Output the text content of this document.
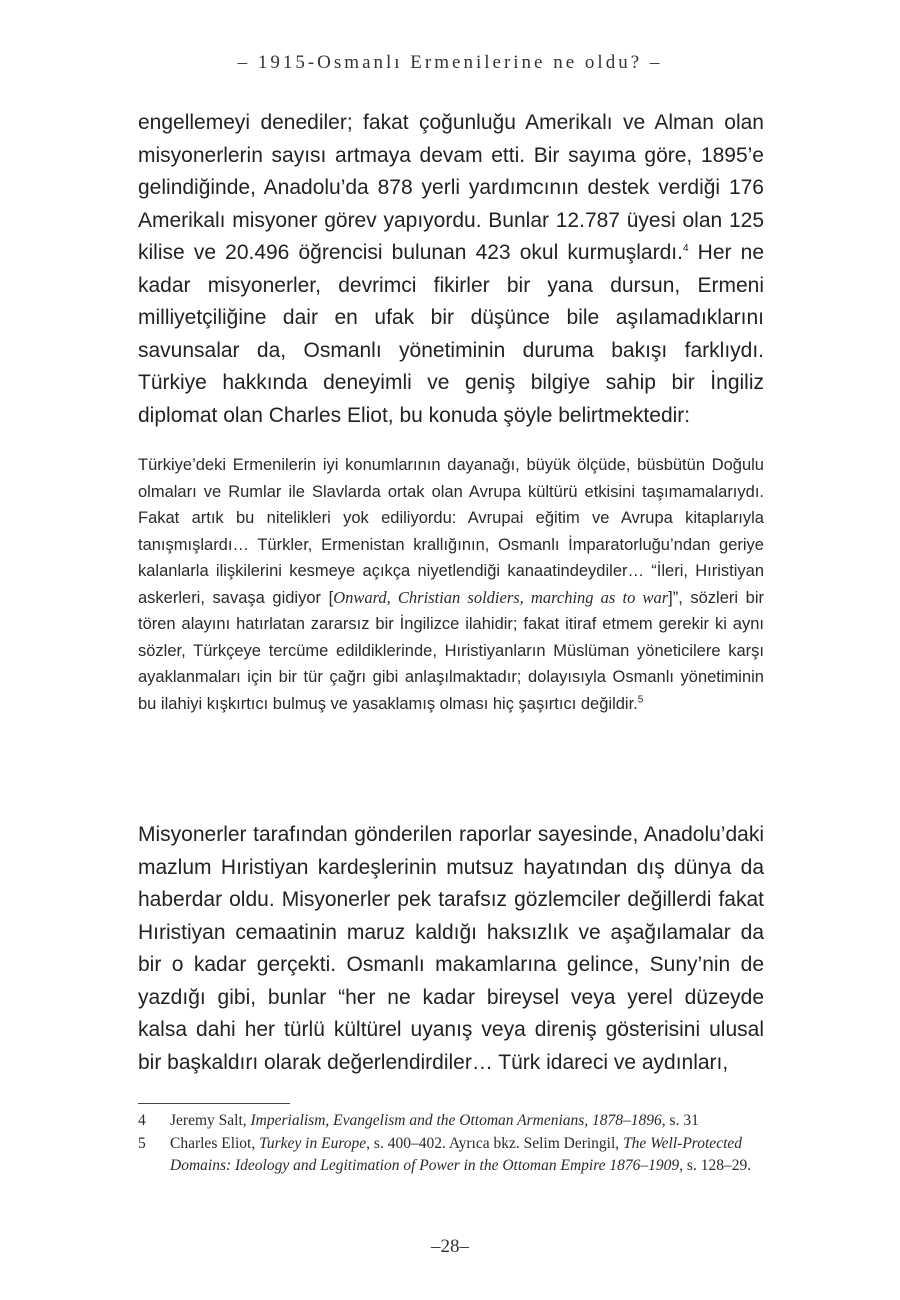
– 1915-Osmanlı Ermenilerine ne oldu? –

engellemeyi denediler; fakat çoğunluğu Amerikalı ve Alman olan misyonerlerin sayısı artmaya devam etti. Bir sayıma göre, 1895’e gelindiğinde, Anadolu’da 878 yerli yardımcının destek verdiği 176 Amerikalı misyoner görev yapıyordu. Bunlar 12.787 üyesi olan 125 kilise ve 20.496 öğrencisi bulunan 423 okul kurmuşlardı.$^4$ Her ne kadar misyonerler, devrimci fikirler bir yana dursun, Ermeni milliyetçiliğine dair en ufak bir düşünce bile aşılamadıklarını savunsalar da, Osmanlı yönetiminin duruma bakışı farklıydı. Türkiye hakkında deneyimli ve geniş bilgiye sahip bir İngiliz diplomat olan Charles Eliot, bu konuda şöyle belirtmektedir:

Türkiye’deki Ermenilerin iyi konumlarının dayanağı, büyük ölçüde, büsbütün Doğulu olmaları ve Rumlar ile Slavlarda ortak olan Avrupa kültürü etkisini taşımamalarıydı. Fakat artık bu nitelikleri yok ediliyordu: Avrupai eğitim ve Avrupa kitaplarıyla tanışmışlardı… Türkler, Ermenistan krallığının, Osmanlı İmparatorluğu’ndan geriye kalanlarla ilişkilerini kesmeye açıkça niyetlendiği kanaatindeydiler… “İleri, Hıristiyan askerleri, savaşa gidiyor [Onward, Christian soldiers, marching as to war]”, sözleri bir tören alayını hatırlatan zararsız bir İngilizce ilahidir; fakat itiraf etmem gerekir ki aynı sözler, Türkçeye tercüme edildiklerinde, Hıristiyanların Müslüman yöneticilere karşı ayaklanmaları için bir tür çağrı gibi anlaşılmaktadır; dolayısıyla Osmanlı yönetiminin bu ilahiyi kışkırtıcı bulmuş ve yasaklamış olması hiç şaşırtıcı değildir.$^5$

Misyonerler tarafından gönderilen raporlar sayesinde, Anadolu’daki mazlum Hıristiyan kardeşlerinin mutsuz hayatından dış dünya da haberdar oldu. Misyonerler pek tarafsız gözlemciler değillerdi fakat Hıristiyan cemaatinin maruz kaldığı haksızlık ve aşağılamalar da bir o kadar gerçekti. Osmanlı makamlarına gelince, Suny’nin de yazdığı gibi, bunlar “her ne kadar bireysel veya yerel düzeyde kalsa dahi her türlü kültürel uyanış veya direniş gösterisini ulusal bir başkaldırı olarak değerlendirdiler… Türk idareci ve aydınları,

4	Jeremy Salt, Imperialism, Evangelism and the Ottoman Armenians, 1878–1896, s. 31
5	Charles Eliot, Turkey in Europe, s. 400–402. Ayrıca bkz. Selim Deringil, The Well-Protected Domains: Ideology and Legitimation of Power in the Ottoman Empire 1876–1909, s. 128–29.
–28–
